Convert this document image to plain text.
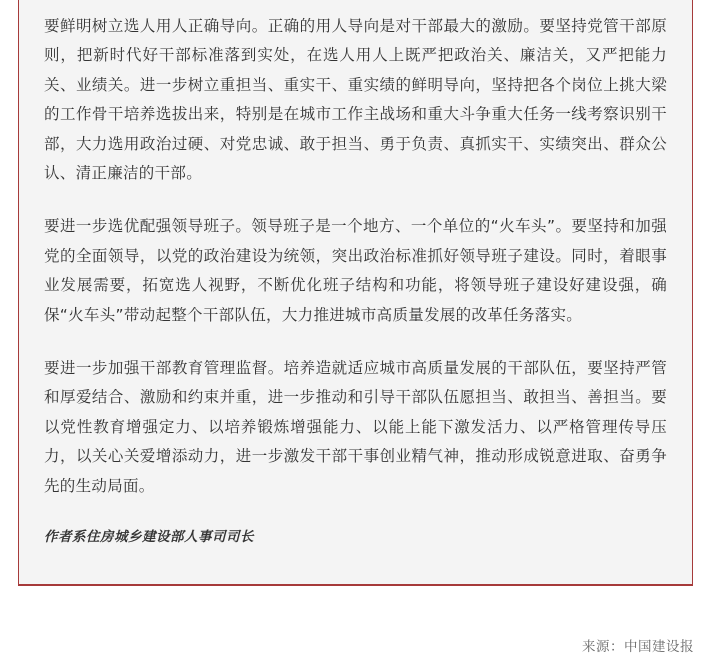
要鲜明树立选人用人正确导向。正确的用人导向是对干部最大的激励。要坚持党管干部原则，把新时代好干部标准落到实处，在选人用人上既严把政治关、廉洁关，又严把能力关、业绩关。进一步树立重担当、重实干、重实绩的鲜明导向，坚持把各个岗位上挑大梁的工作骨干培养选拔出来，特别是在城市工作主战场和重大斗争重大任务一线考察识别干部，大力选用政治过硬、对党忠诚、敢于担当、勇于负责、真抓实干、实绩突出、群众公认、清正廉洁的干部。

要进一步选优配强领导班子。领导班子是一个地方、一个单位的“火车头”。要坚持和加强党的全面领导，以党的政治建设为统领，突出政治标准抓好领导班子建设。同时，着眼事业发展需要，拓宽选人视野，不断优化班子结构和功能，将领导班子建设好建设强，确保“火车头”带动起整个干部队伍，大力推进城市高质量发展的改革任务落实。

要进一步加强干部教育管理监督。培养造就适应城市高质量发展的干部队伍，要坚持严管和厚爱结合、激励和约束并重，进一步推动和引导干部队伍愿担当、敢担当、善担当。要以党性教育增强定力、以培养锻炼增强能力、以能上能下激发活力、以严格管理传导压力，以关心关爱增添动力，进一步激发干部干事创业精气神，推动形成锐意进取、奋勇争先的生动局面。

作者系住房城乡建设部人事司司长

来源：中国建设报
